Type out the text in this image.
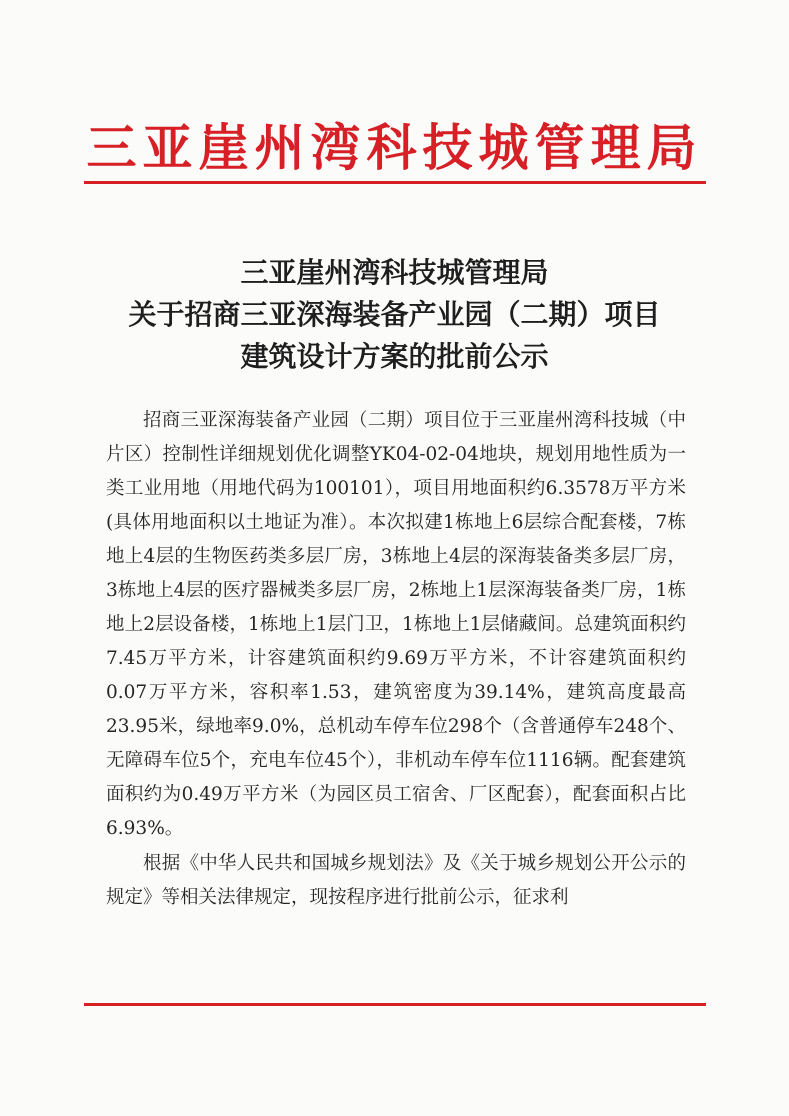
三亚崖州湾科技城管理局
三亚崖州湾科技城管理局
关于招商三亚深海装备产业园（二期）项目
建筑设计方案的批前公示

招商三亚深海装备产业园（二期）项目位于三亚崖州湾科技城（中片区）控制性详细规划优化调整YK04-02-04地块，规划用地性质为一类工业用地（用地代码为100101），项目用地面积约6.3578万平方米(具体用地面积以土地证为准）。本次拟建1栋地上6层综合配套楼，7栋地上4层的生物医药类多层厂房，3栋地上4层的深海装备类多层厂房，3栋地上4层的医疗器械类多层厂房，2栋地上1层深海装备类厂房，1栋地上2层设备楼，1栋地上1层门卫，1栋地上1层储藏间。总建筑面积约7.45万平方米，计容建筑面积约9.69万平方米，不计容建筑面积约0.07万平方米，容积率1.53，建筑密度为39.14%，建筑高度最高23.95米，绿地率9.0%，总机动车停车位298个（含普通停车248个、无障碍车位5个，充电车位45个），非机动车停车位1116辆。配套建筑面积约为0.49万平方米（为园区员工宿舍、厂区配套），配套面积占比6.93%。

根据《中华人民共和国城乡规划法》及《关于城乡规划公开公示的规定》等相关法律规定，现按程序进行批前公示，征求利
